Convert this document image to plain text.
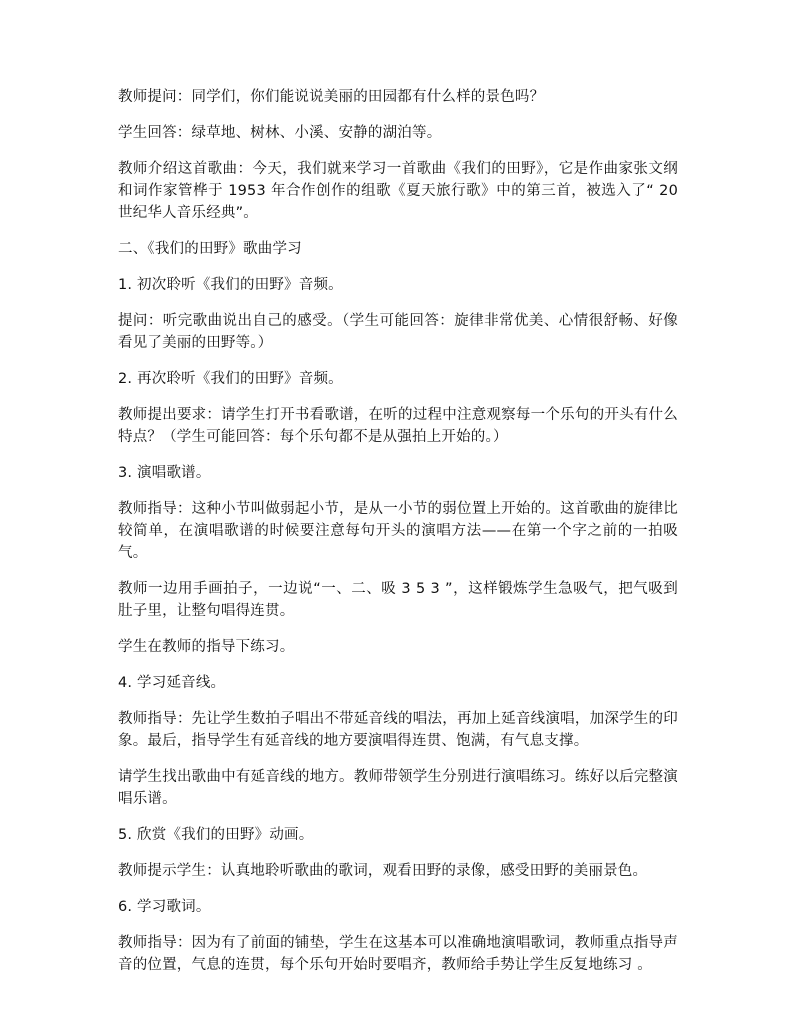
教师提问：同学们，你们能说说美丽的田园都有什么样的景色吗？

学生回答：绿草地、树林、小溪、安静的湖泊等。

教师介绍这首歌曲：今天，我们就来学习一首歌曲《我们的田野》，它是作曲家张文纲和词作家管桦于 1953 年合作创作的组歌《夏天旅行歌》中的第三首，被选入了“ 20 世纪华人音乐经典”。

二、《我们的田野》歌曲学习

1. 初次聆听《我们的田野》音频。

提问：听完歌曲说出自己的感受。（学生可能回答：旋律非常优美、心情很舒畅、好像看见了美丽的田野等。）

2. 再次聆听《我们的田野》音频。

教师提出要求：请学生打开书看歌谱，在听的过程中注意观察每一个乐句的开头有什么特点？（学生可能回答：每个乐句都不是从强拍上开始的。）

3. 演唱歌谱。

教师指导：这种小节叫做弱起小节，是从一小节的弱位置上开始的。这首歌曲的旋律比较简单，在演唱歌谱的时候要注意每句开头的演唱方法——在第一个字之前的一拍吸气。

教师一边用手画拍子，一边说“一、二、吸 3 5 3 ”，这样锻炼学生急吸气，把气吸到肚子里，让整句唱得连贯。

学生在教师的指导下练习。

4. 学习延音线。

教师指导：先让学生数拍子唱出不带延音线的唱法，再加上延音线演唱，加深学生的印象。最后，指导学生有延音线的地方要演唱得连贯、饱满，有气息支撑。

请学生找出歌曲中有延音线的地方。教师带领学生分别进行演唱练习。练好以后完整演唱乐谱。

5. 欣赏《我们的田野》动画。

教师提示学生：认真地聆听歌曲的歌词，观看田野的录像，感受田野的美丽景色。

6. 学习歌词。

教师指导：因为有了前面的铺垫，学生在这基本可以准确地演唱歌词，教师重点指导声音的位置，气息的连贯，每个乐句开始时要唱齐，教师给手势让学生反复地练习 。
